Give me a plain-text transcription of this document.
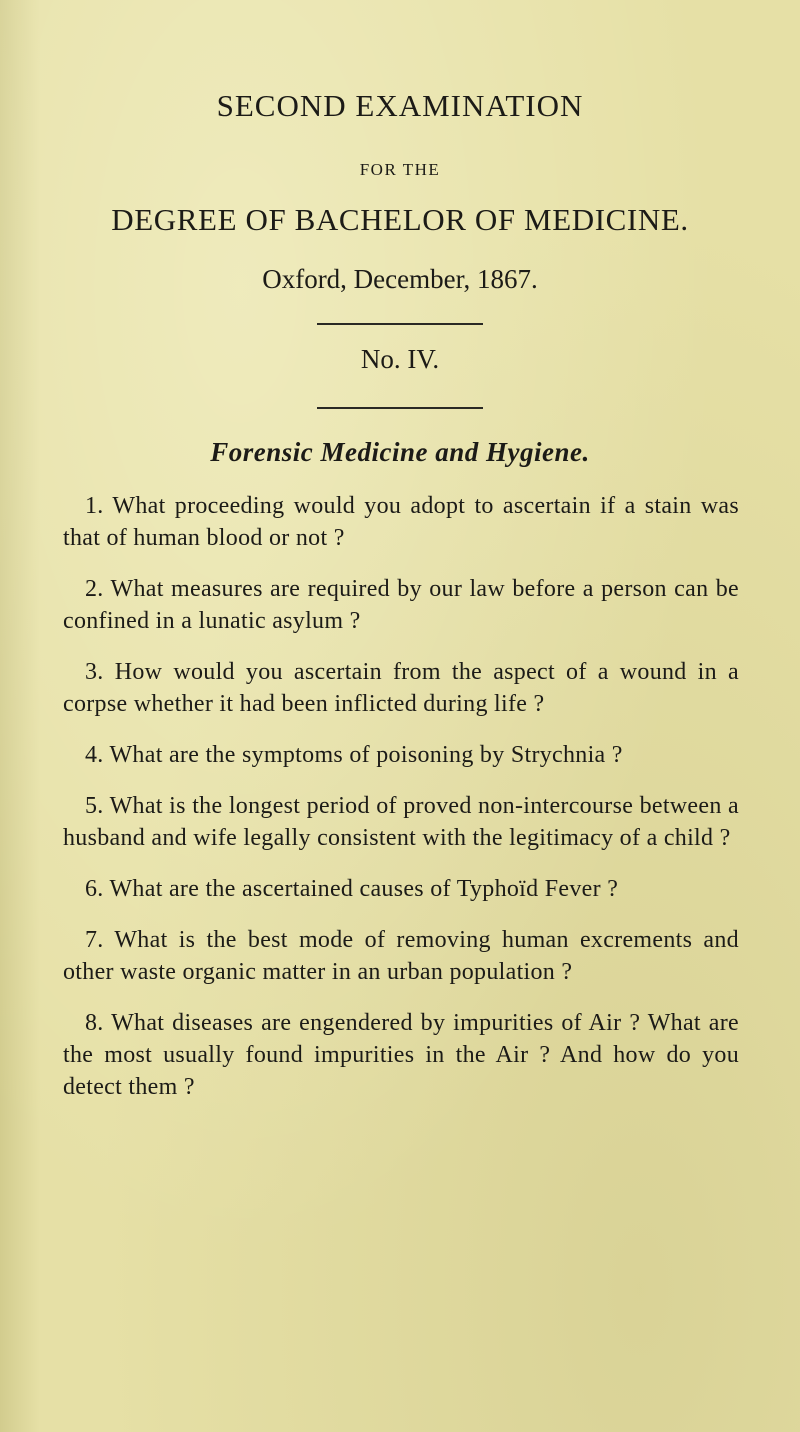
SECOND EXAMINATION
FOR THE
DEGREE OF BACHELOR OF MEDICINE.
Oxford, December, 1867.
No. IV.
Forensic Medicine and Hygiene.
1. What proceeding would you adopt to ascertain if a stain was that of human blood or not ?
2. What measures are required by our law before a person can be confined in a lunatic asylum ?
3. How would you ascertain from the aspect of a wound in a corpse whether it had been inflicted during life ?
4. What are the symptoms of poisoning by Strychnia ?
5. What is the longest period of proved non-intercourse between a husband and wife legally consistent with the legitimacy of a child ?
6. What are the ascertained causes of Typhoïd Fever ?
7. What is the best mode of removing human excrements and other waste organic matter in an urban population ?
8. What diseases are engendered by impurities of Air ? What are the most usually found impurities in the Air ? And how do you detect them ?
